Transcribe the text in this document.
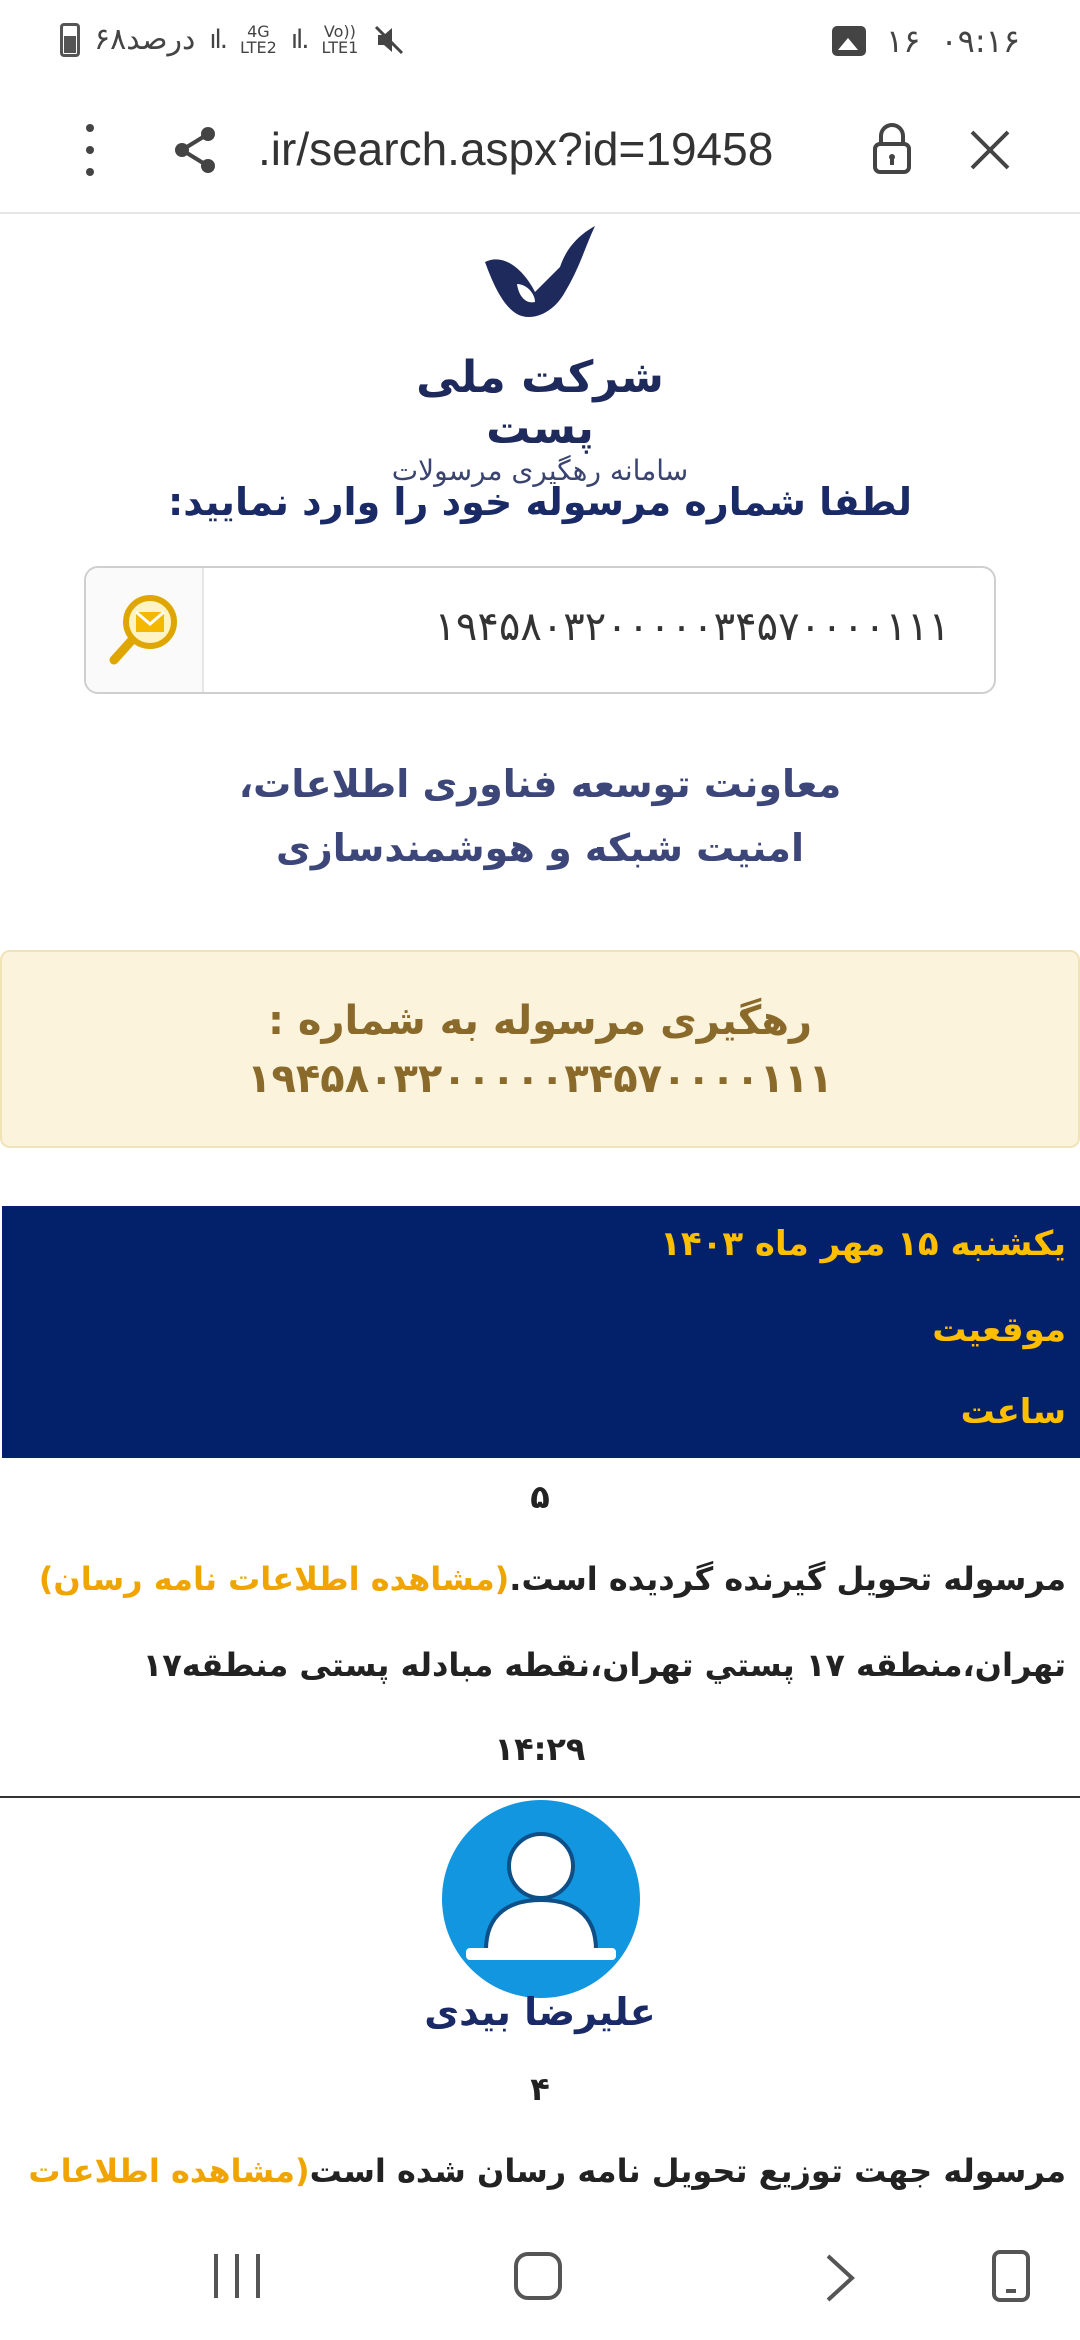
۶۸درصد ıl.	4G
LTE2 ıl. Vo))
LTE1	۱۶ ۰۹:۱۶
.ir/search.aspx?id=19458
شرکت ملی پست
سامانه رهگیری مرسولات
لطفا شماره مرسوله خود را وارد نمایید:
۱۹۴۵۸۰۳۲۰۰۰۰۰۳۴۵۷۰۰۰۰۱۱۱
معاونت توسعه فناوری اطلاعات،
امنیت شبکه و هوشمندسازی
رهگیری مرسوله به شماره :
۱۹۴۵۸۰۳۲۰۰۰۰۰۳۴۵۷۰۰۰۰۱۱۱
یکشنبه ۱۵ مهر ماه ۱۴۰۳
موقعیت
ساعت
۵
مرسوله تحویل گیرنده گردیده است.(مشاهده اطلاعات نامه رسان)
تهران،منطقه ۱۷ پستي تهران،نقطه مبادله پستی منطقه۱۷
۱۴:۲۹
علیرضا بیدی
۴
مرسوله جهت توزیع تحویل نامه رسان شده است(مشاهده اطلاعات
